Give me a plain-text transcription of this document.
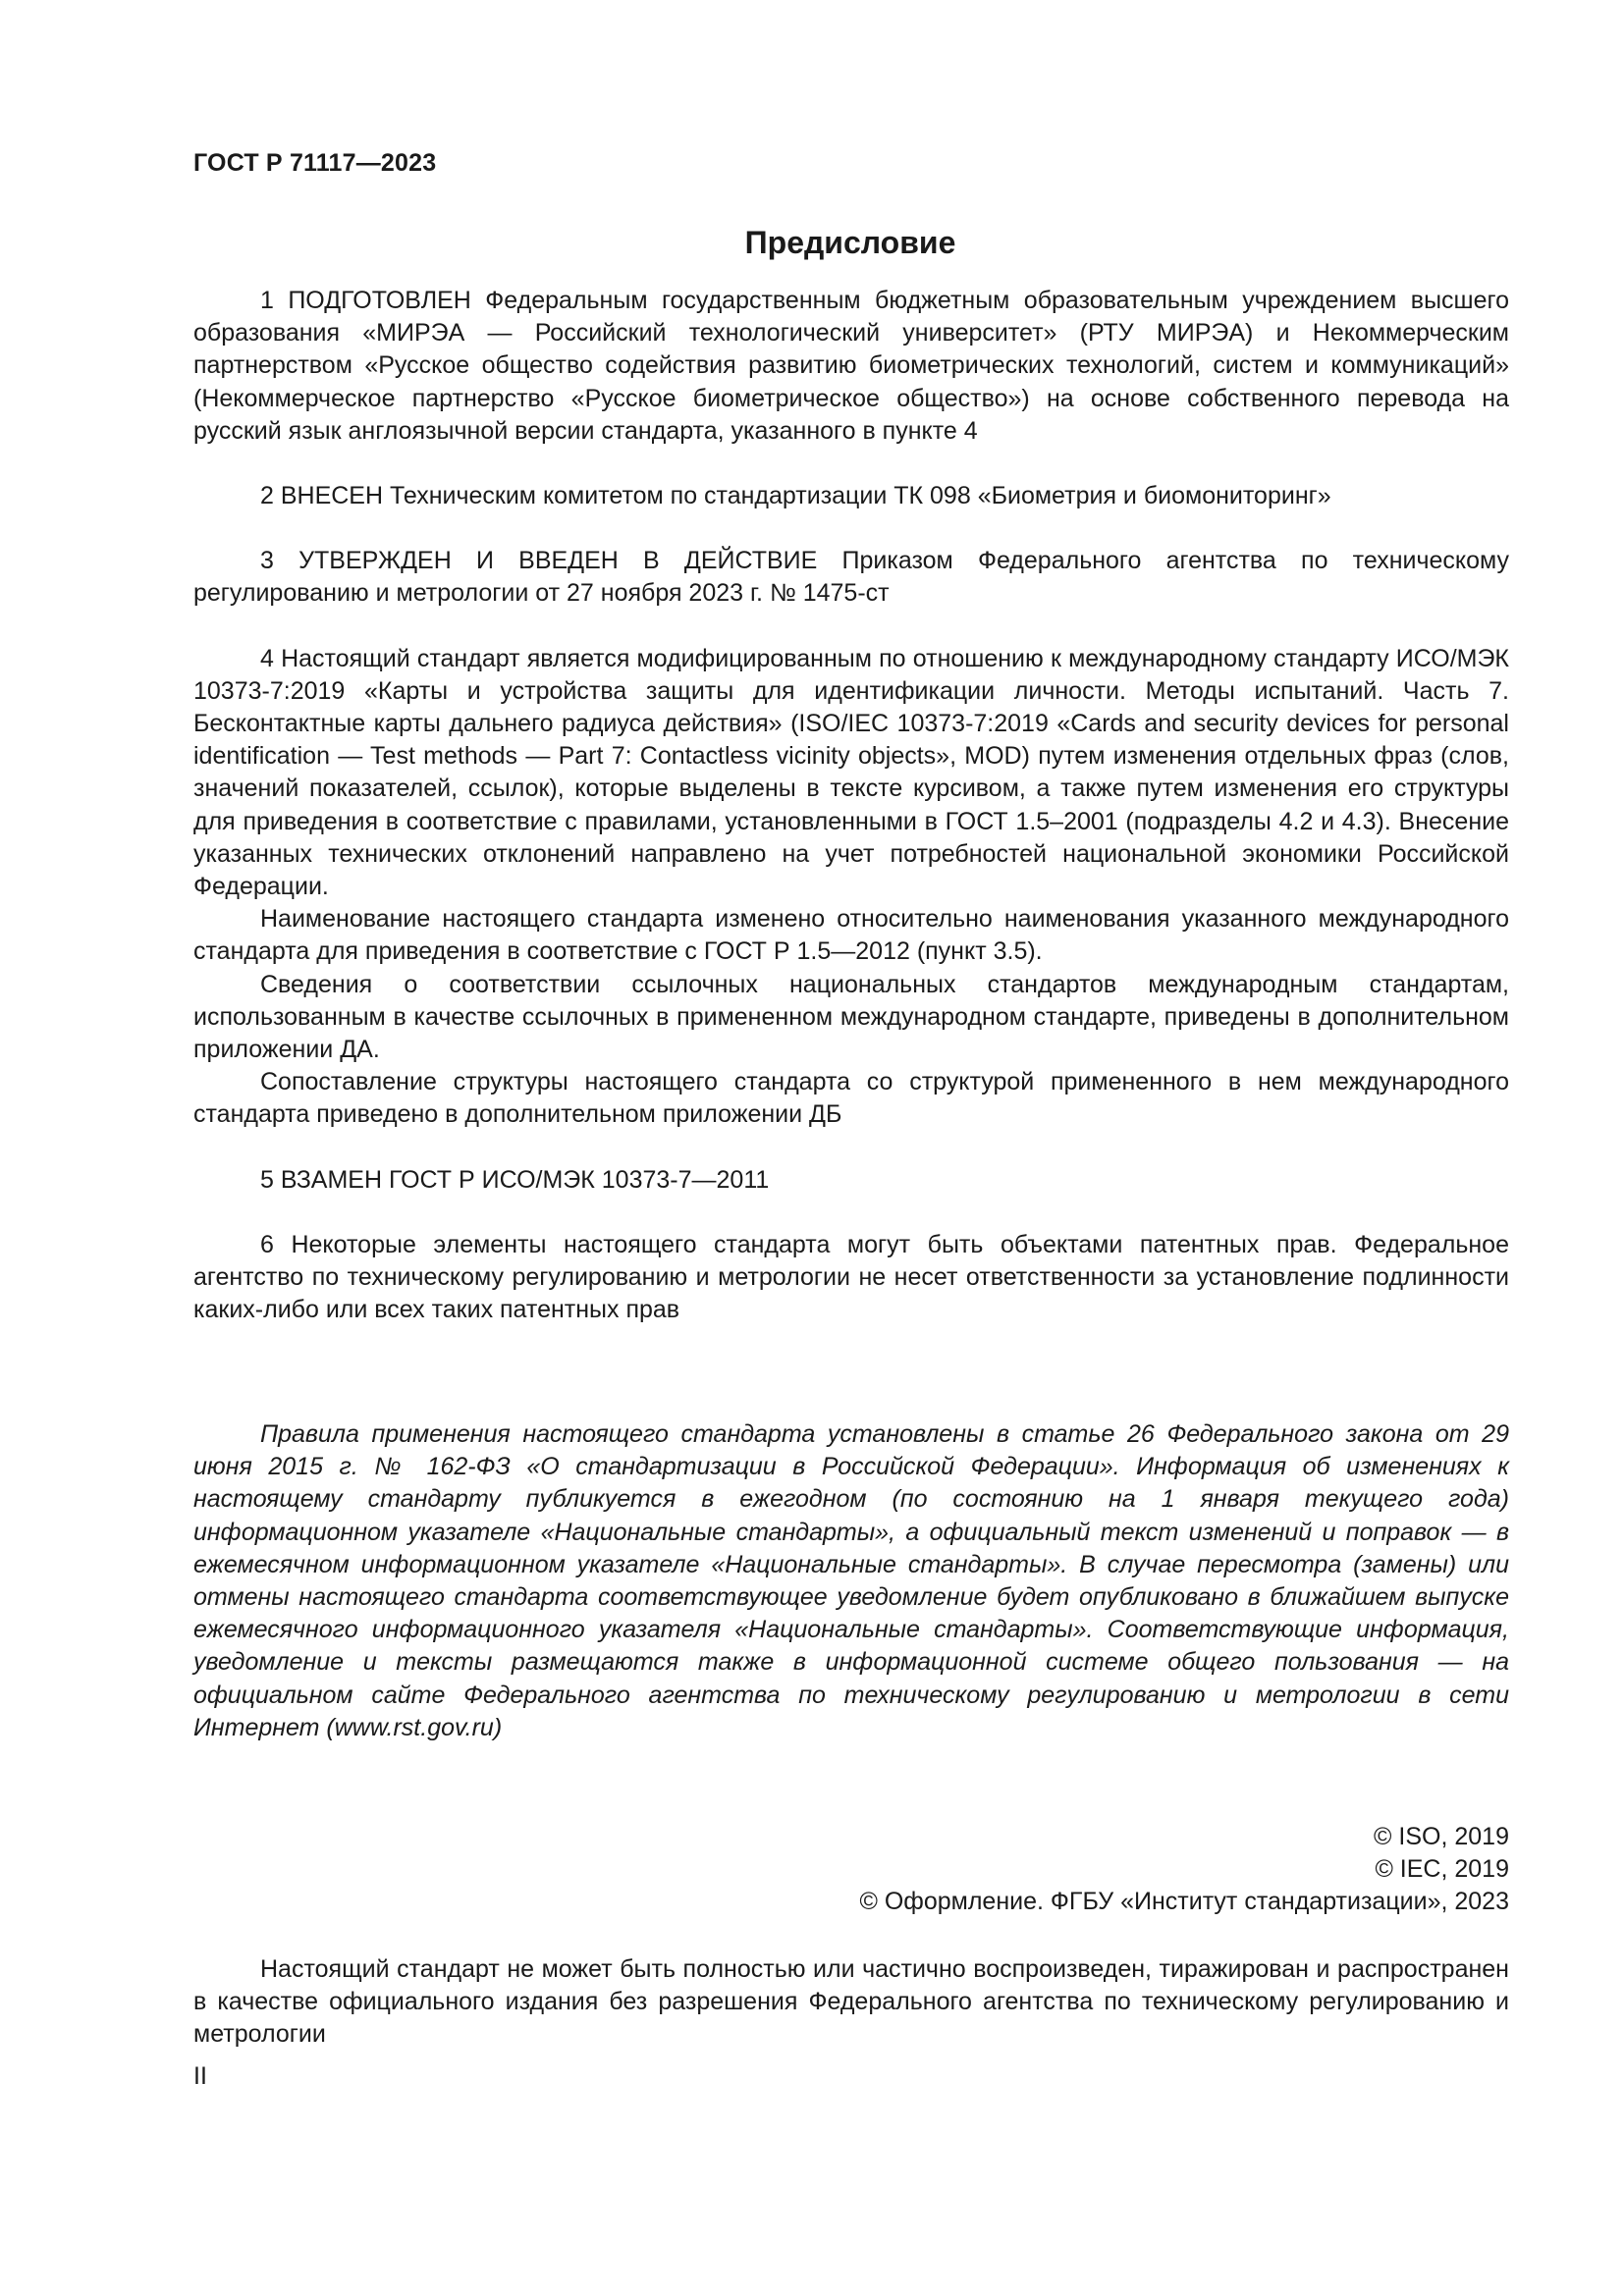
ГОСТ Р 71117—2023
Предисловие

1 ПОДГОТОВЛЕН Федеральным государственным бюджетным образовательным учреждением высшего образования «МИРЭА — Российский технологический университет» (РТУ МИРЭА) и Некоммерческим партнерством «Русское общество содействия развитию биометрических технологий, систем и коммуникаций» (Некоммерческое партнерство «Русское биометрическое общество») на основе собственного перевода на русский язык англоязычной версии стандарта, указанного в пункте 4

2 ВНЕСЕН Техническим комитетом по стандартизации ТК 098 «Биометрия и биомониторинг»

3 УТВЕРЖДЕН И ВВЕДЕН В ДЕЙСТВИЕ Приказом Федерального агентства по техническому регулированию и метрологии от 27 ноября 2023 г. № 1475-ст

4 Настоящий стандарт является модифицированным по отношению к международному стандарту ИСО/МЭК 10373-7:2019 «Карты и устройства защиты для идентификации личности. Методы испытаний. Часть 7. Бесконтактные карты дальнего радиуса действия» (ISO/IEC 10373-7:2019 «Cards and security devices for personal identification — Test methods — Part 7: Contactless vicinity objects», MOD) путем изменения отдельных фраз (слов, значений показателей, ссылок), которые выделены в тексте курсивом, а также путем изменения его структуры для приведения в соответствие с правилами, установленными в ГОСТ 1.5–2001 (подразделы 4.2 и 4.3). Внесение указанных технических отклонений направлено на учет потребностей национальной экономики Российской Федерации.

Наименование настоящего стандарта изменено относительно наименования указанного международного стандарта для приведения в соответствие с ГОСТ Р 1.5—2012 (пункт 3.5).

Сведения о соответствии ссылочных национальных стандартов международным стандартам, использованным в качестве ссылочных в примененном международном стандарте, приведены в дополнительном приложении ДА.

Сопоставление структуры настоящего стандарта со структурой примененного в нем международного стандарта приведено в дополнительном приложении ДБ

5 ВЗАМЕН ГОСТ Р ИСО/МЭК 10373-7—2011

6 Некоторые элементы настоящего стандарта могут быть объектами патентных прав. Федеральное агентство по техническому регулированию и метрологии не несет ответственности за установление подлинности каких-либо или всех таких патентных прав

Правила применения настоящего стандарта установлены в статье 26 Федерального закона от 29 июня 2015 г. № 162-ФЗ «О стандартизации в Российской Федерации». Информация об изменениях к настоящему стандарту публикуется в ежегодном (по состоянию на 1 января текущего года) информационном указателе «Национальные стандарты», а официальный текст изменений и поправок — в ежемесячном информационном указателе «Национальные стандарты». В случае пересмотра (замены) или отмены настоящего стандарта соответствующее уведомление будет опубликовано в ближайшем выпуске ежемесячного информационного указателя «Национальные стандарты». Соответствующие информация, уведомление и тексты размещаются также в информационной системе общего пользования — на официальном сайте Федерального агентства по техническому регулированию и метрологии в сети Интернет (www.rst.gov.ru)

© ISO, 2019
© IEC, 2019
© Оформление. ФГБУ «Институт стандартизации», 2023

Настоящий стандарт не может быть полностью или частично воспроизведен, тиражирован и распространен в качестве официального издания без разрешения Федерального агентства по техническому регулированию и метрологии

II
